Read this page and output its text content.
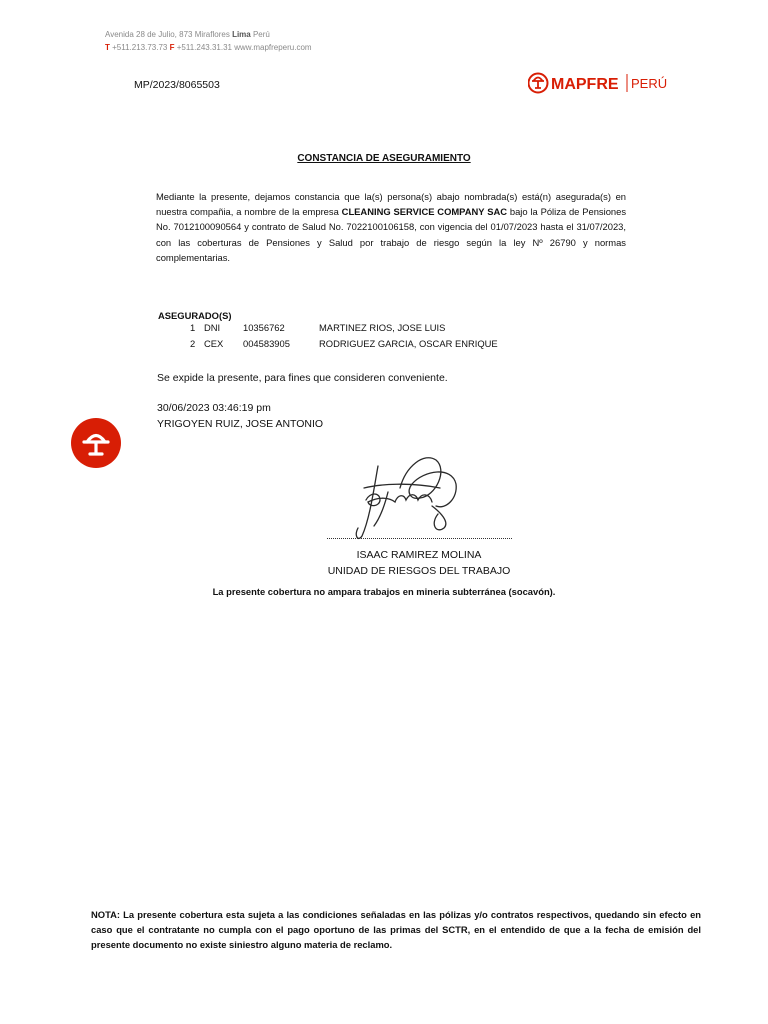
Avenida 28 de Julio, 873 Miraflores Lima Perú
T +511.213.73.73 F +511.243.31.31 www.mapfreperu.com
MP/2023/8065503	MAPFRE PERÚ
CONSTANCIA DE ASEGURAMIENTO
Mediante la presente, dejamos constancia que la(s) persona(s) abajo nombrada(s) está(n) asegurada(s) en nuestra compañia, a nombre de la empresa CLEANING SERVICE COMPANY SAC bajo la Póliza de Pensiones No. 7012100090564 y contrato de Salud No. 7022100106158, con vigencia del 01/07/2023 hasta el 31/07/2023, con las coberturas de Pensiones y Salud por trabajo de riesgo según la ley Nº 26790 y normas complementarias.
ASEGURADO(S)
1 DNI 10356762	MARTINEZ RIOS, JOSE LUIS
2 CEX 004583905	RODRIGUEZ GARCIA, OSCAR ENRIQUE
Se expide la presente, para fines que consideren conveniente.
30/06/2023 03:46:19 pm
YRIGOYEN RUIZ, JOSE ANTONIO
ISAAC RAMIREZ MOLINA
UNIDAD DE RIESGOS DEL TRABAJO
La presente cobertura no ampara trabajos en mineria subterránea (socavón).
NOTA: La presente cobertura esta sujeta a las condiciones señaladas en las pólizas y/o contratos respectivos, quedando sin efecto en caso que el contratante no cumpla con el pago oportuno de las primas del SCTR, en el entendido de que a la fecha de emisión del presente documento no existe siniestro alguno materia de reclamo.
